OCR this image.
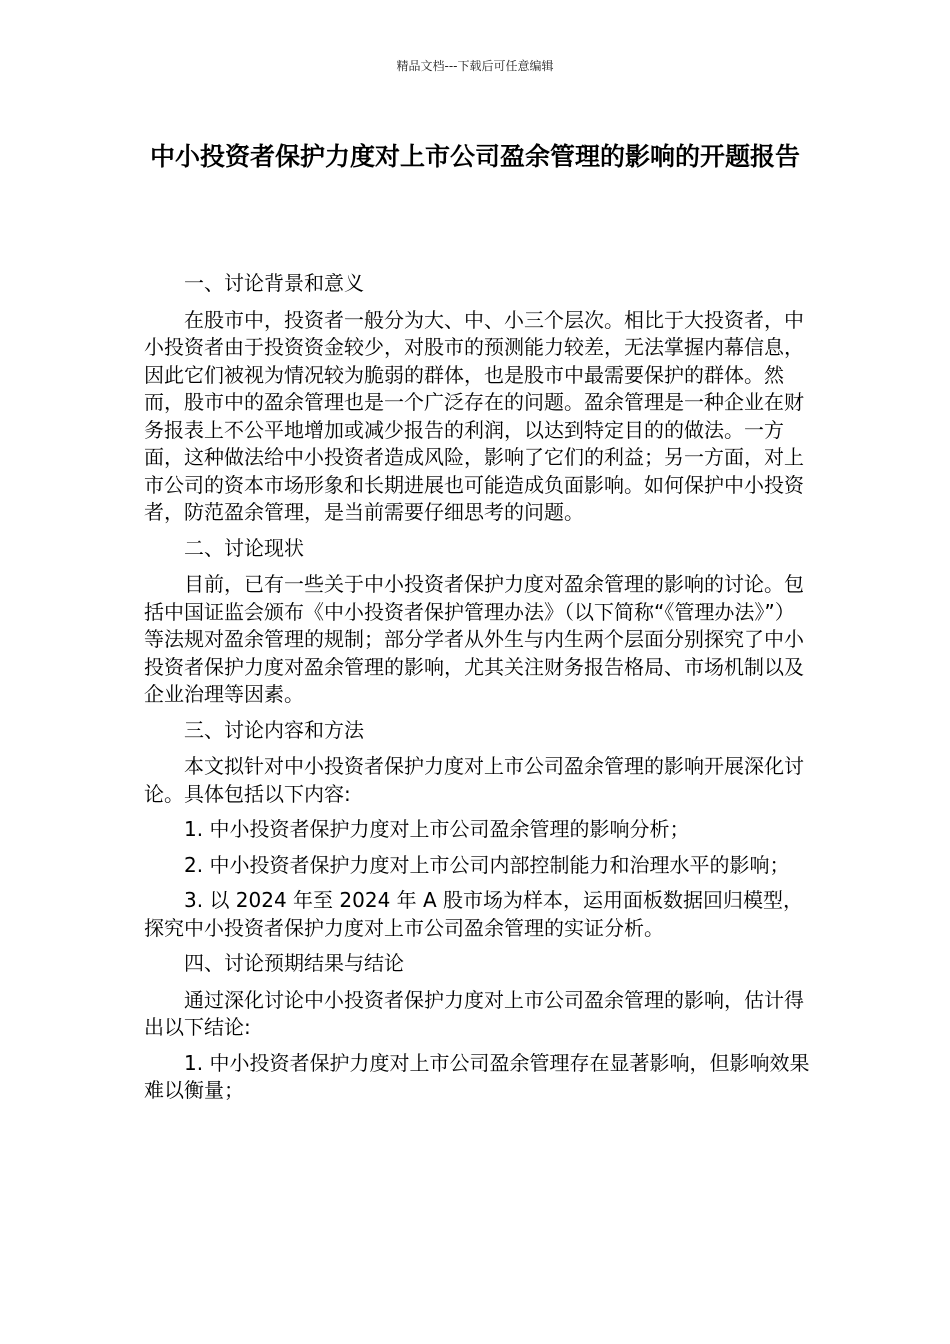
精品文档---下载后可任意编辑
中小投资者保护力度对上市公司盈余管理的影响的开题报告

一、讨论背景和意义

在股市中，投资者一般分为大、中、小三个层次。相比于大投资者，中小投资者由于投资资金较少，对股市的预测能力较差，无法掌握内幕信息，因此它们被视为情况较为脆弱的群体，也是股市中最需要保护的群体。然而，股市中的盈余管理也是一个广泛存在的问题。盈余管理是一种企业在财务报表上不公平地增加或减少报告的利润，以达到特定目的的做法。一方面，这种做法给中小投资者造成风险，影响了它们的利益；另一方面，对上市公司的资本市场形象和长期进展也可能造成负面影响。如何保护中小投资者，防范盈余管理，是当前需要仔细思考的问题。

二、讨论现状

目前，已有一些关于中小投资者保护力度对盈余管理的影响的讨论。包括中国证监会颁布《中小投资者保护管理办法》（以下简称“《管理办法》”）等法规对盈余管理的规制；部分学者从外生与内生两个层面分别探究了中小投资者保护力度对盈余管理的影响，尤其关注财务报告格局、市场机制以及企业治理等因素。

三、讨论内容和方法

本文拟针对中小投资者保护力度对上市公司盈余管理的影响开展深化讨论。具体包括以下内容:

1. 中小投资者保护力度对上市公司盈余管理的影响分析；

2. 中小投资者保护力度对上市公司内部控制能力和治理水平的影响；

3. 以 2024 年至 2024 年 A 股市场为样本，运用面板数据回归模型，探究中小投资者保护力度对上市公司盈余管理的实证分析。

四、讨论预期结果与结论

通过深化讨论中小投资者保护力度对上市公司盈余管理的影响，估计得出以下结论:

1. 中小投资者保护力度对上市公司盈余管理存在显著影响，但影响效果难以衡量；
